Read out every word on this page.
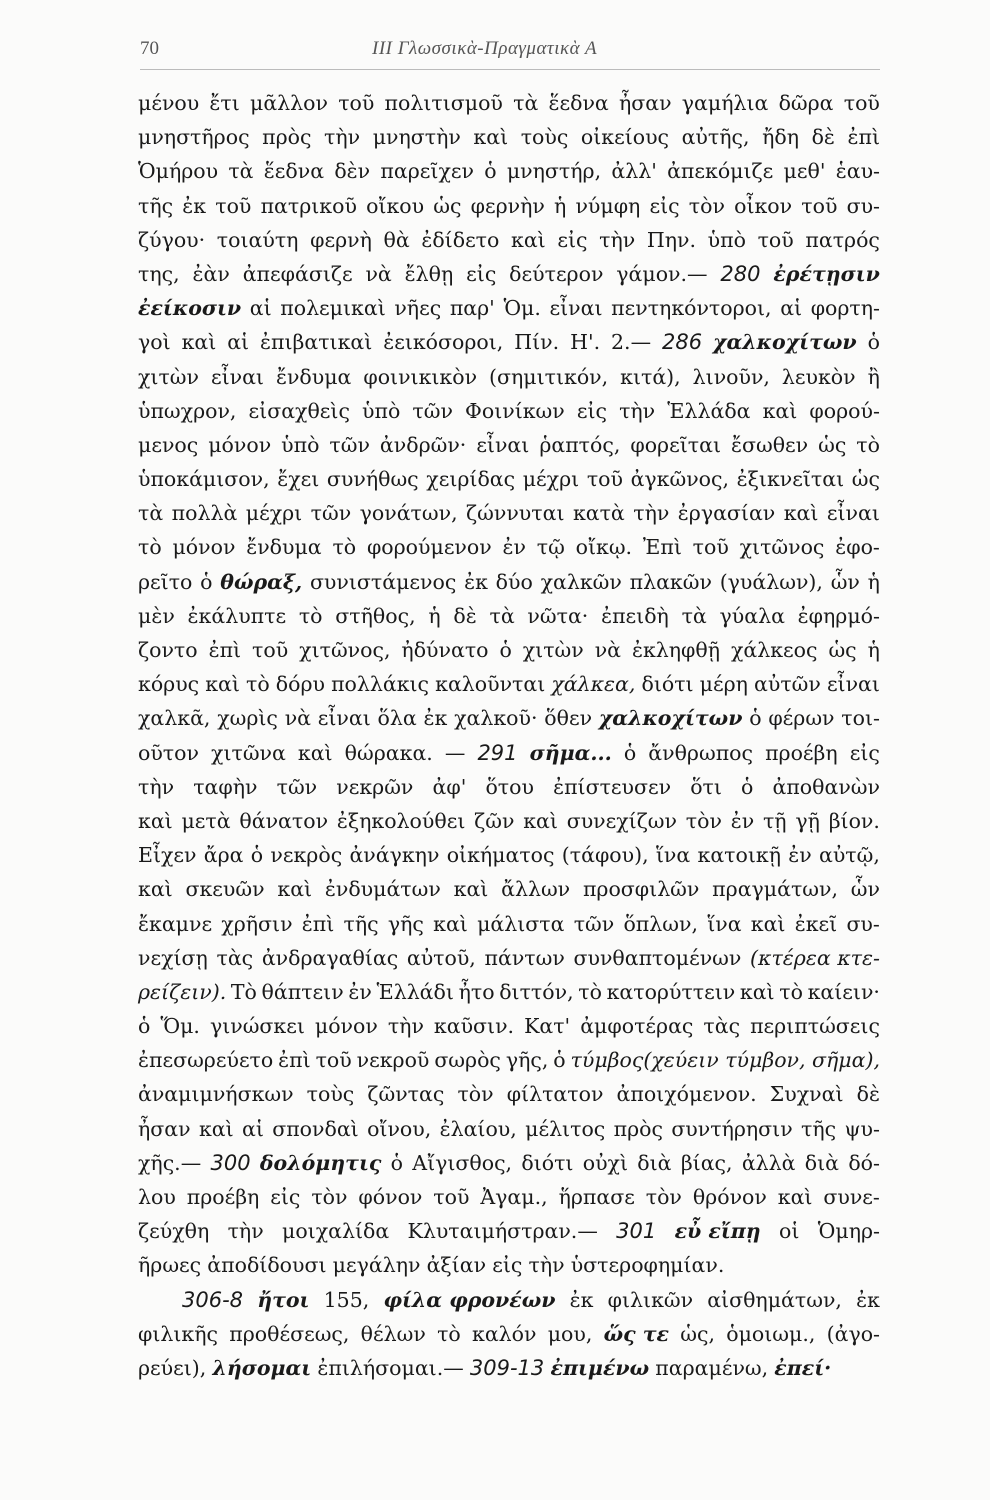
70	ΙΙΙ Γλωσσικὰ-Πραγματικὰ Α
μένου ἔτι μᾶλλον τοῦ πολιτισμοῦ τὰ ἕεδνα ἦσαν γαμήλια δῶρα τοῦ
μνηστῆρος πρὸς τὴν μνηστὴν καὶ τοὺς οἰκείους αὐτῆς, ἤδη δὲ ἐπὶ
Ὁμήρου τὰ ἕεδνα δὲν παρεῖχεν ὁ μνηστήρ, ἀλλ' ἀπεκόμιζε μεθ' ἑαυ-
τῆς ἐκ τοῦ πατρικοῦ οἴκου ὡς φερνὴν ἡ νύμφη εἰς τὸν οἶκον τοῦ συ-
ζύγου· τοιαύτη φερνὴ θὰ ἐδίδετο καὶ εἰς τὴν Πην. ὑπὸ τοῦ πατρός
της, ἐὰν ἀπεφάσιζε νὰ ἔλθῃ εἰς δεύτερον γάμον.— 280 ἐρέτῃσιν
ἐείκοσιν αἱ πολεμικαὶ νῆες παρ' Ὁμ. εἶναι πεντηκόντοροι, αἱ φορτη-
γοὶ καὶ αἱ ἐπιβατικαὶ ἐεικόσοροι, Πίν. Η'. 2.— 286 χαλκοχίτων ὁ
χιτὼν εἶναι ἔνδυμα φοινικικὸν (σημιτικόν, κιτά), λινοῦν, λευκὸν ἢ
ὑπωχρον, εἰσαχθεὶς ὑπὸ τῶν Φοινίκων εἰς τὴν Ἑλλάδα καὶ φορού-
μενος μόνον ὑπὸ τῶν ἀνδρῶν· εἶναι ῥαπτός, φορεῖται ἔσωθεν ὡς τὸ
ὑποκάμισον, ἔχει συνήθως χειρίδας μέχρι τοῦ ἀγκῶνος, ἐξικνεῖται ὡς
τὰ πολλὰ μέχρι τῶν γονάτων, ζώννυται κατὰ τὴν ἐργασίαν καὶ εἶναι
τὸ μόνον ἔνδυμα τὸ φορούμενον ἐν τῷ οἴκῳ. Ἐπὶ τοῦ χιτῶνος ἐφο-
ρεῖτο ὁ θώραξ, συνιστάμενος ἐκ δύο χαλκῶν πλακῶν (γυάλων), ὧν ἡ
μὲν ἐκάλυπτε τὸ στῆθος, ἡ δὲ τὰ νῶτα· ἐπειδὴ τὰ γύαλα ἐφηρμό-
ζοντο ἐπὶ τοῦ χιτῶνος, ἠδύνατο ὁ χιτὼν νὰ ἐκληφθῇ χάλκεος ὡς ἡ
κόρυς καὶ τὸ δόρυ πολλάκις καλοῦνται χάλκεα, διότι μέρη αὐτῶν εἶναι
χαλκᾶ, χωρὶς νὰ εἶναι ὅλα ἐκ χαλκοῦ· ὅθεν χαλκοχίτων ὁ φέρων τοι-
οῦτον χιτῶνα καὶ θώρακα. — 291 σῆμα... ὁ ἄνθρωπος προέβη εἰς
τὴν ταφὴν τῶν νεκρῶν ἀφ' ὅτου ἐπίστευσεν ὅτι ὁ ἀποθανὼν
καὶ μετὰ θάνατον ἐξηκολούθει ζῶν καὶ συνεχίζων τὸν ἐν τῇ γῇ βίον.
Εἶχεν ἄρα ὁ νεκρὸς ἀνάγκην οἰκήματος (τάφου), ἵνα κατοικῇ ἐν αὐτῷ,
καὶ σκευῶν καὶ ἐνδυμάτων καὶ ἄλλων προσφιλῶν πραγμάτων, ὧν
ἔκαμνε χρῆσιν ἐπὶ τῆς γῆς καὶ μάλιστα τῶν ὅπλων, ἵνα καὶ ἐκεῖ συ-
νεχίσῃ τὰς ἀνδραγαθίας αὐτοῦ, πάντων συνθαπτομένων (κτέρεα κτε-
ρείζειν). Τὸ θάπτειν ἐν Ἑλλάδι ἦτο διττόν, τὸ κατορύττειν καὶ τὸ καίειν·
ὁ Ὅμ. γινώσκει μόνον τὴν καῦσιν. Κατ' ἀμφοτέρας τὰς περιπτώσεις
ἐπεσωρεύετο ἐπὶ τοῦ νεκροῦ σωρὸς γῆς, ὁ τύμβος(χεύειν τύμβον, σῆμα),
ἀναμιμνήσκων τοὺς ζῶντας τὸν φίλτατον ἀποιχόμενον. Συχναὶ δὲ
ἦσαν καὶ αἱ σπονδαὶ οἴνου, ἐλαίου, μέλιτος πρὸς συντήρησιν τῆς ψυ-
χῆς.— 300 δολόμητις ὁ Αἴγισθος, διότι οὐχὶ διὰ βίας, ἀλλὰ διὰ δό-
λου προέβη εἰς τὸν φόνον τοῦ Ἀγαμ., ἥρπασε τὸν θρόνον καὶ συνε-
ζεύχθη τὴν μοιχαλίδα Κλυταιμήστραν.— 301 εὖ εἴπῃ οἱ Ὁμηρ-
ῆρωες ἀποδίδουσι μεγάλην ἀξίαν εἰς τὴν ὑστεροφημίαν.
306-8 ἤτοι 155, φίλα φρονέων ἐκ φιλικῶν αἰσθημάτων, ἐκ
φιλικῆς προθέσεως, θέλων τὸ καλόν μου, ὥς τε ὡς, ὁμοιωμ., (ἀγο-
ρεύει), λήσομαι ἐπιλήσομαι.— 309-13 ἐπιμένω παραμένω, ἐπεί·
